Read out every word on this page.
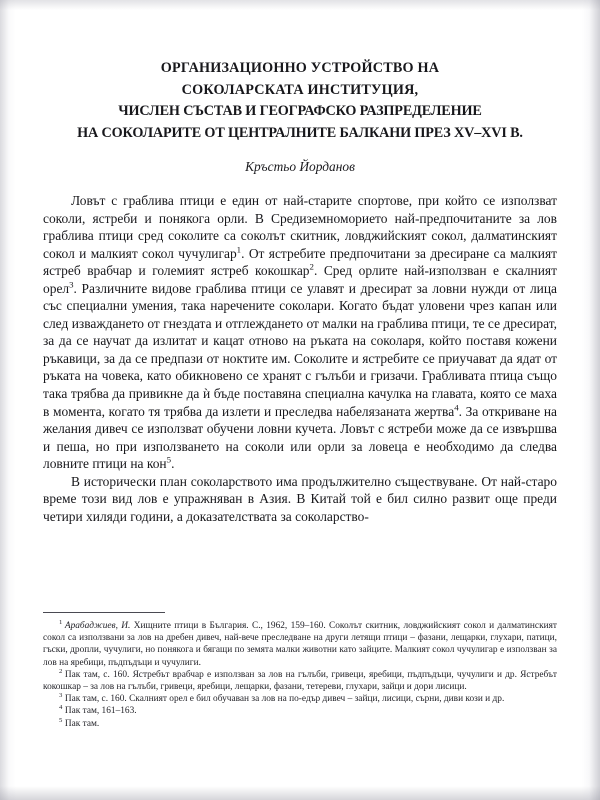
ОРГАНИЗАЦИОННО УСТРОЙСТВО НА
СОКОЛАРСКАТА ИНСТИТУЦИЯ,
ЧИСЛЕН СЪСТАВ И ГЕОГРАФСКО РАЗПРЕДЕЛЕНИЕ
НА СОКОЛАРИТЕ ОТ ЦЕНТРАЛНИТЕ БАЛКАНИ ПРЕЗ XV–XVI В.
Кръстьо Йорданов

Ловът с граблива птици е един от най-старите спортове, при който се използват соколи, ястреби и понякога орли. В Средиземноморието най-предпочитаните за лов граблива птици сред соколите са соколът скитник, ловджийският сокол, далматинският сокол и малкият сокол чучулигар$^1$. От ястребите предпочитани за дресиране са малкият ястреб врабчар и големият ястреб кокошкар$^2$. Сред орлите най-използван е скалният орел$^3$. Различните видове граблива птици се улавят и дресират за ловни нужди от лица със специални умения, така наречените соколари. Когато бъдат уловени чрез капан или след изваждането от гнездата и отглеждането от малки на граблива птици, те се дресират, за да се научат да излитат и кацат отново на ръката на соколаря, който поставя кожени ръкавици, за да се предпази от ноктите им. Соколите и ястребите се приучават да ядат от ръката на човека, като обикновено се хранят с гълъби и гризачи. Грабливата птица също така трябва да привикне да ѝ бъде поставяна специална качулка на главата, която се маха в момента, когато тя трябва да излети и преследва набелязаната жертва$^4$. За откриване на желания дивеч се използват обучени ловни кучета. Ловът с ястреби може да се извършва и пеша, но при използването на соколи или орли за ловеца е необходимо да следва ловните птици на кон$^5$.

В исторически план соколарството има продължително съществуване. От най-старо време този вид лов е упражняван в Азия. В Китай той е бил силно развит още преди четири хиляди години, а доказателствата за соколарство-

$^1$ Арабаджиев, И. Хищните птици в България. С., 1962, 159–160. Соколът скитник, ловджийският сокол и далматинският сокол са използвани за лов на дребен дивеч, най-вече преследване на други летящи птици – фазани, лещарки, глухари, патици, гъски, дропли, чучулиги, но понякога и бягащи по земята малки животни като зайците. Малкият сокол чучулигар е използван за лов на яребици, пъдпъдъци и чучулиги.

$^2$ Пак там, с. 160. Ястребът врабчар е използван за лов на гълъби, гривеци, яребици, пъдпъдъци, чучулиги и др. Ястребът кокошкар – за лов на гълъби, гривеци, яребици, лещарки, фазани, тетереви, глухари, зайци и дори лисици.

$^3$ Пак там, с. 160. Скалният орел е бил обучаван за лов на по-едър дивеч – зайци, лисици, сърни, диви кози и др.

$^4$ Пак там, 161–163.

$^5$ Пак там.
